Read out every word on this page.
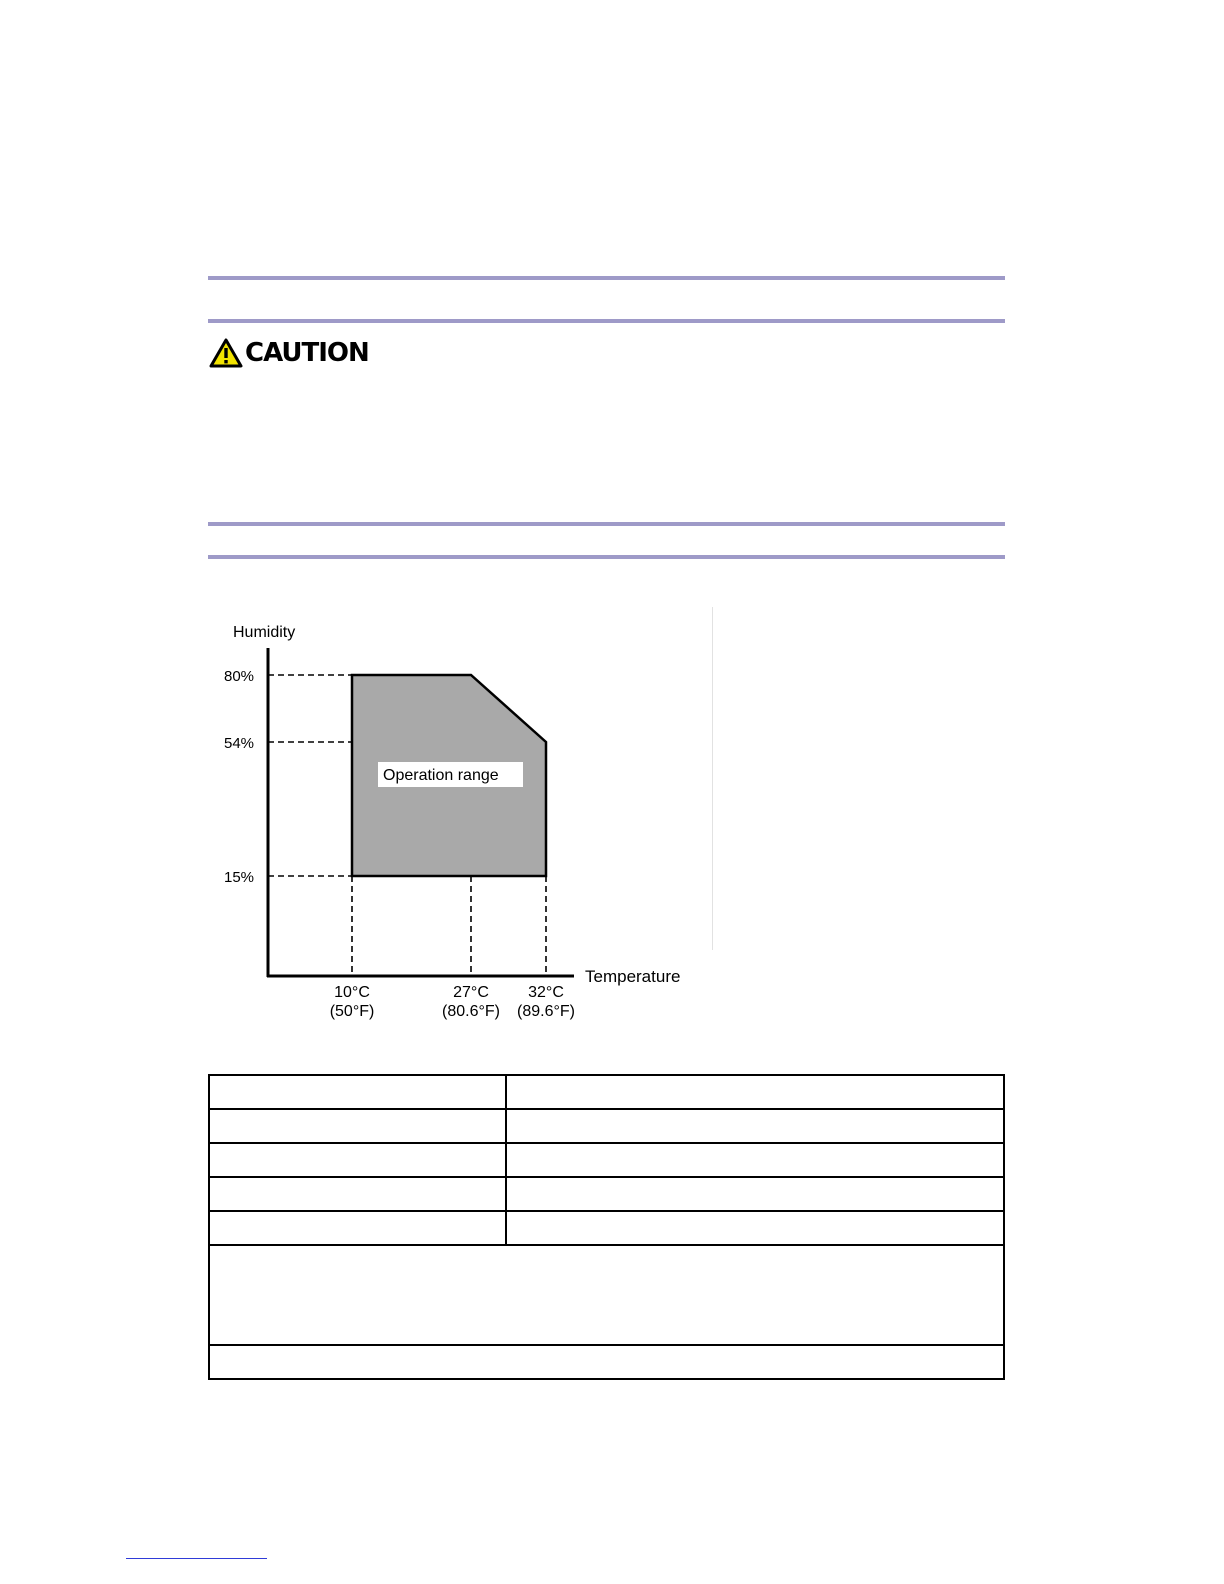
CAUTION
Humidity
Temperature
80%
54%
15%
10°C
(50°F)
27°C
(80.6°F)
32°C
(89.6°F)
Operation range
